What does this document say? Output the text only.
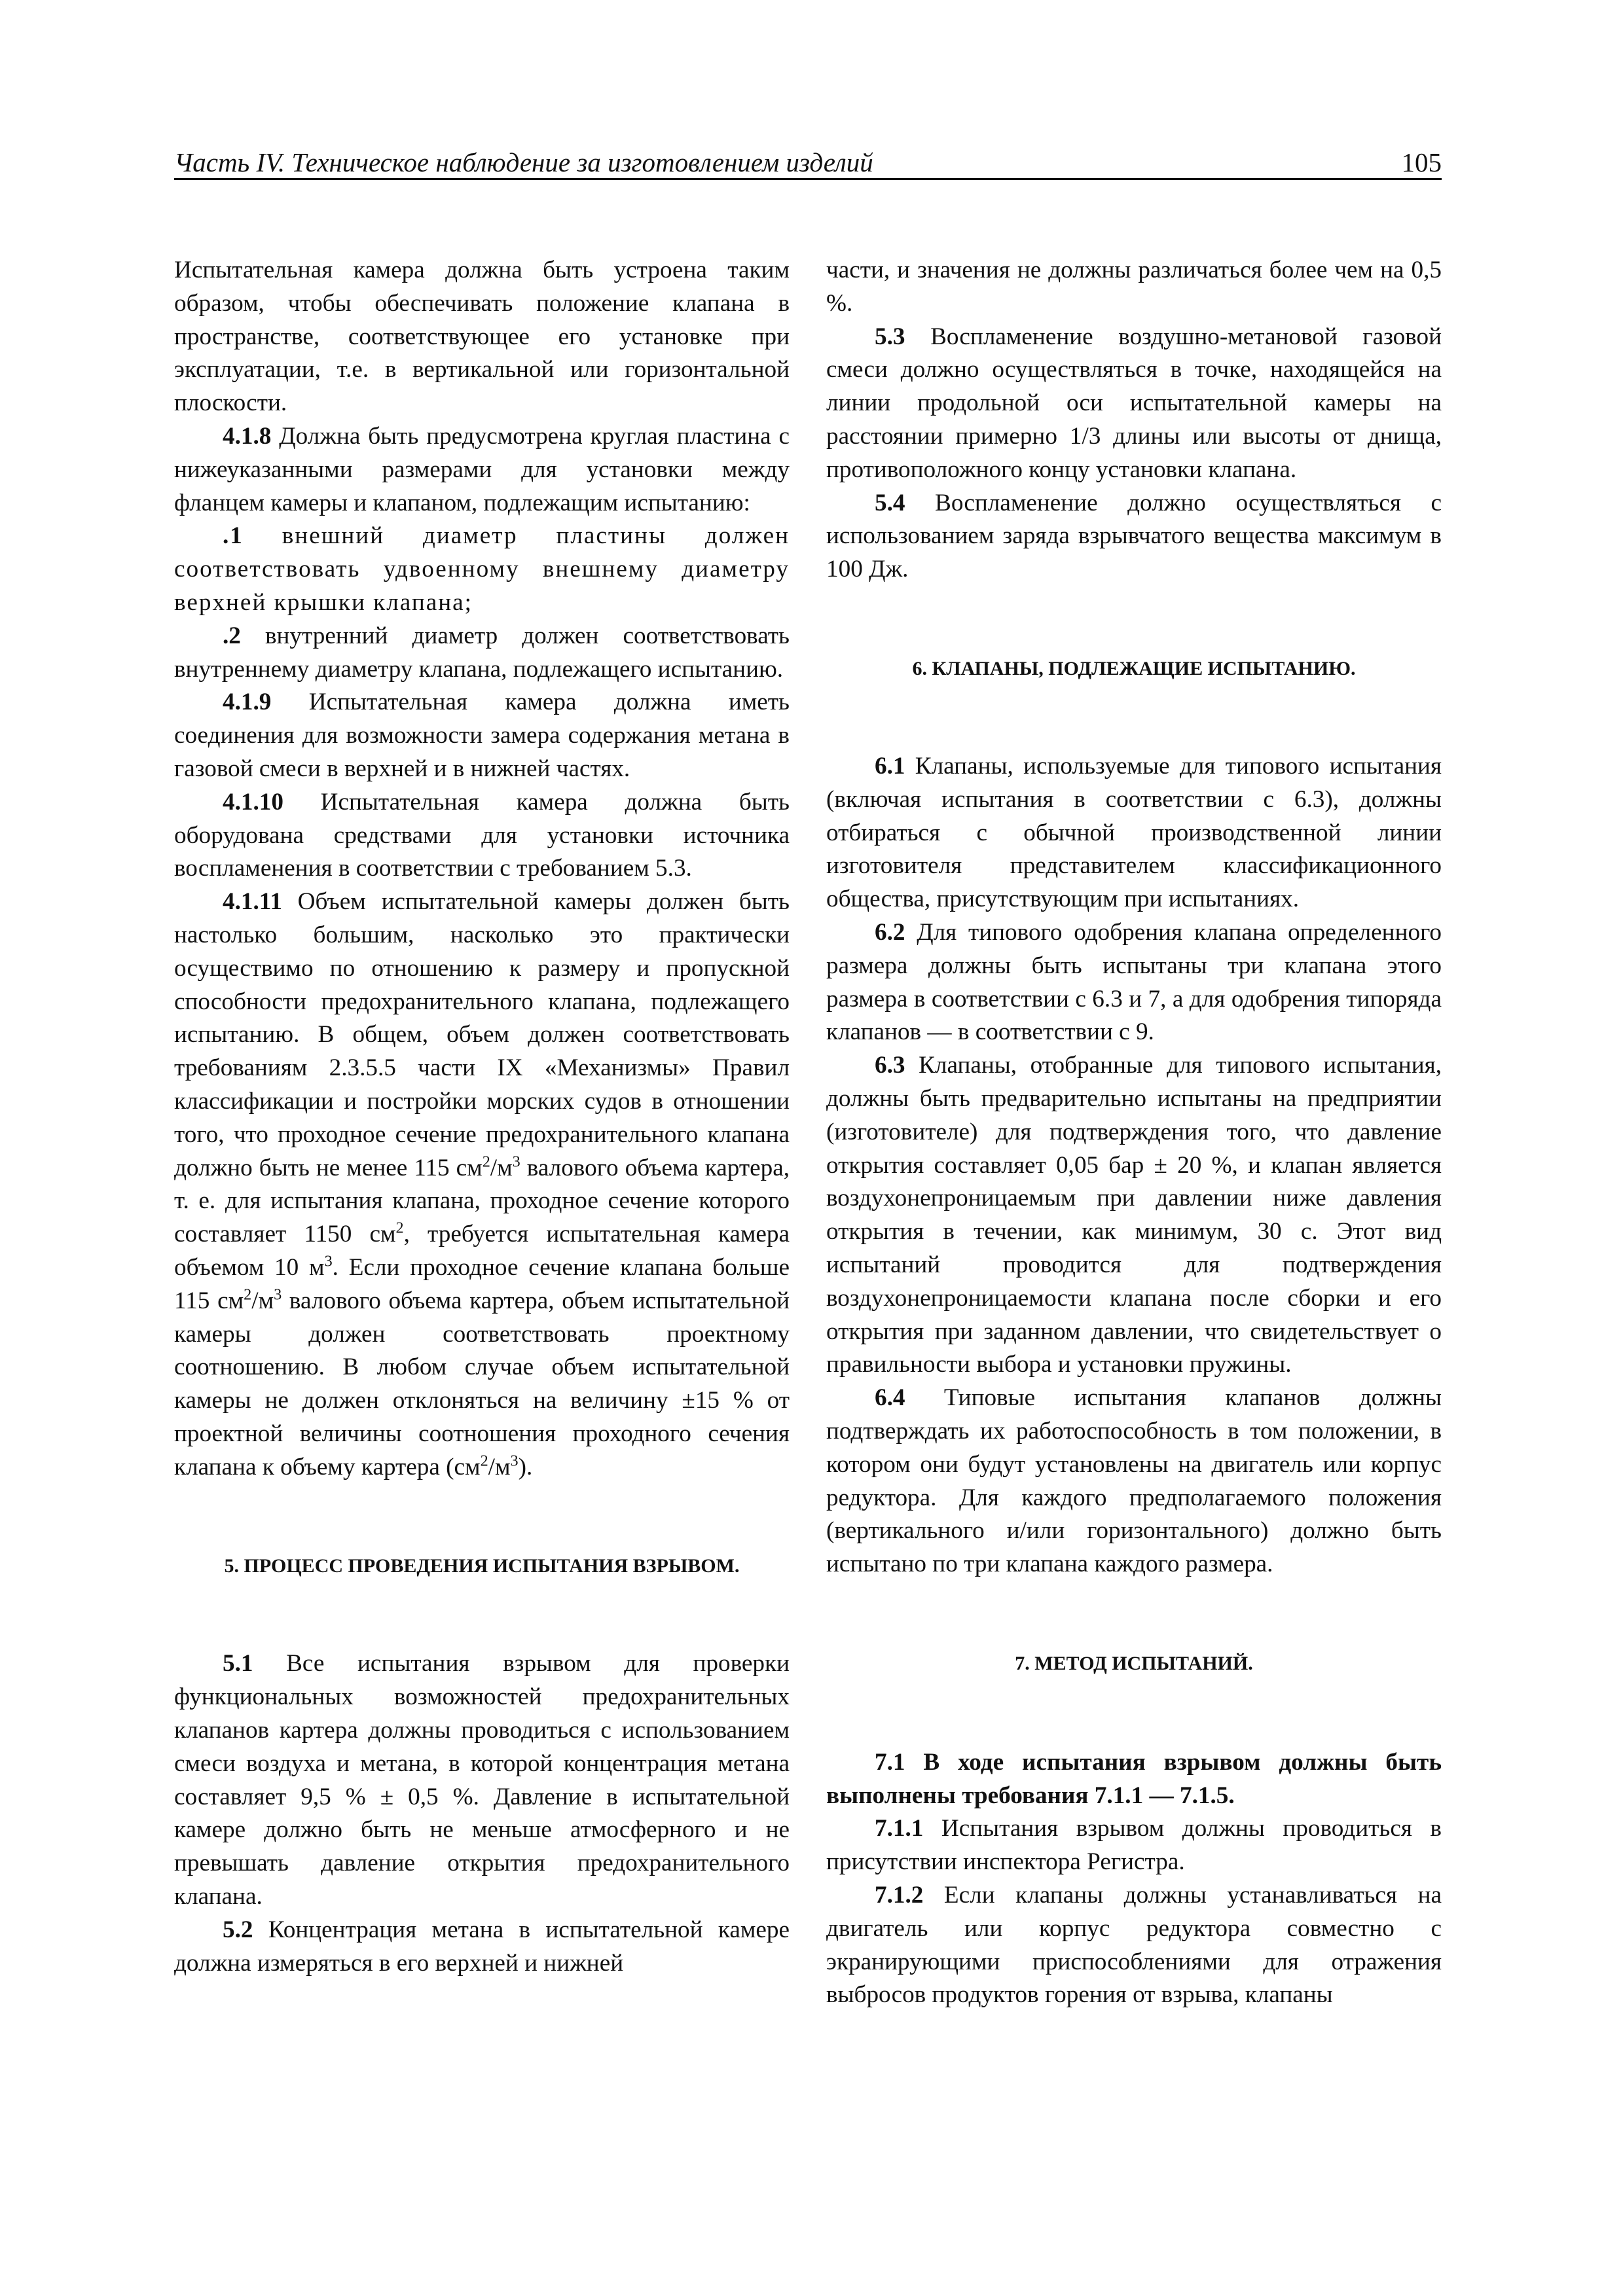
Часть IV. Техническое наблюдение за изготовлением изделий	105

Испытательная камера должна быть устроена таким образом, чтобы обеспечивать положение клапана в пространстве, соответствующее его установке при эксплуатации, т.е. в вертикальной или горизонтальной плоскости.

4.1.8 Должна быть предусмотрена круглая пластина с нижеуказанными размерами для установки между фланцем камеры и клапаном, подлежащим испытанию:

.1 внешний диаметр пластины должен соответствовать удвоенному внешнему диаметру верхней крышки клапана;

.2 внутренний диаметр должен соответствовать внутреннему диаметру клапана, подлежащего испытанию.

4.1.9 Испытательная камера должна иметь соединения для возможности замера содержания метана в газовой смеси в верхней и в нижней частях.

4.1.10 Испытательная камера должна быть оборудована средствами для установки источника воспламенения в соответствии с требованием 5.3.

4.1.11 Объем испытательной камеры должен быть настолько большим, насколько это практически осуществимо по отношению к размеру и пропускной способности предохранительного клапана, подлежащего испытанию. В общем, объем должен соответствовать требованиям 2.3.5.5 части IX «Механизмы» Правил классификации и постройки морских судов в отношении того, что проходное сечение предохранительного клапана должно быть не менее 115 $см^2/м^3$ валового объема картера, т. е. для испытания клапана, проходное сечение которого составляет 1150 $см^2$, требуется испытательная камера объемом 10 $м^3$. Если проходное сечение клапана больше 115 $см^2/м^3$ валового объема картера, объем испытательной камеры должен соответствовать проектному соотношению. В любом случае объем испытательной камеры не должен отклоняться на величину ±15 % от проектной величины соотношения проходного сечения клапана к объему картера $(см^2/м^3)$.

5. ПРОЦЕСС ПРОВЕДЕНИЯ ИСПЫТАНИЯ ВЗРЫВОМ.

5.1 Все испытания взрывом для проверки функциональных возможностей предохранительных клапанов картера должны проводиться с использованием смеси воздуха и метана, в которой концентрация метана составляет 9,5 % ± 0,5 %. Давление в испытательной камере должно быть не меньше атмосферного и не превышать давление открытия предохранительного клапана.

5.2 Концентрация метана в испытательной камере должна измеряться в его верхней и нижней

части, и значения не должны различаться более чем на 0,5 %.

5.3 Воспламенение воздушно-метановой газовой смеси должно осуществляться в точке, находящейся на линии продольной оси испытательной камеры на расстоянии примерно 1/3 длины или высоты от днища, противоположного концу установки клапана.

5.4 Воспламенение должно осуществляться с использованием заряда взрывчатого вещества максимум в 100 Дж.

6. КЛАПАНЫ, ПОДЛЕЖАЩИЕ ИСПЫТАНИЮ.

6.1 Клапаны, используемые для типового испытания (включая испытания в соответствии с 6.3), должны отбираться с обычной производственной линии изготовителя представителем классификационного общества, присутствующим при испытаниях.

6.2 Для типового одобрения клапана определенного размера должны быть испытаны три клапана этого размера в соответствии с 6.3 и 7, а для одобрения типоряда клапанов — в соответствии с 9.

6.3 Клапаны, отобранные для типового испытания, должны быть предварительно испытаны на предприятии (изготовителе) для подтверждения того, что давление открытия составляет 0,05 бар ± 20 %, и клапан является воздухонепроницаемым при давлении ниже давления открытия в течении, как минимум, 30 с. Этот вид испытаний проводится для подтверждения воздухонепроницаемости клапана после сборки и его открытия при заданном давлении, что свидетельствует о правильности выбора и установки пружины.

6.4 Типовые испытания клапанов должны подтверждать их работоспособность в том положении, в котором они будут установлены на двигатель или корпус редуктора. Для каждого предполагаемого положения (вертикального и/или горизонтального) должно быть испытано по три клапана каждого размера.

7. МЕТОД ИСПЫТАНИЙ.

7.1 В ходе испытания взрывом должны быть выполнены требования 7.1.1 — 7.1.5.

7.1.1 Испытания взрывом должны проводиться в присутствии инспектора Регистра.

7.1.2 Если клапаны должны устанавливаться на двигатель или корпус редуктора совместно с экранирующими приспособлениями для отражения выбросов продуктов горения от взрыва, клапаны
